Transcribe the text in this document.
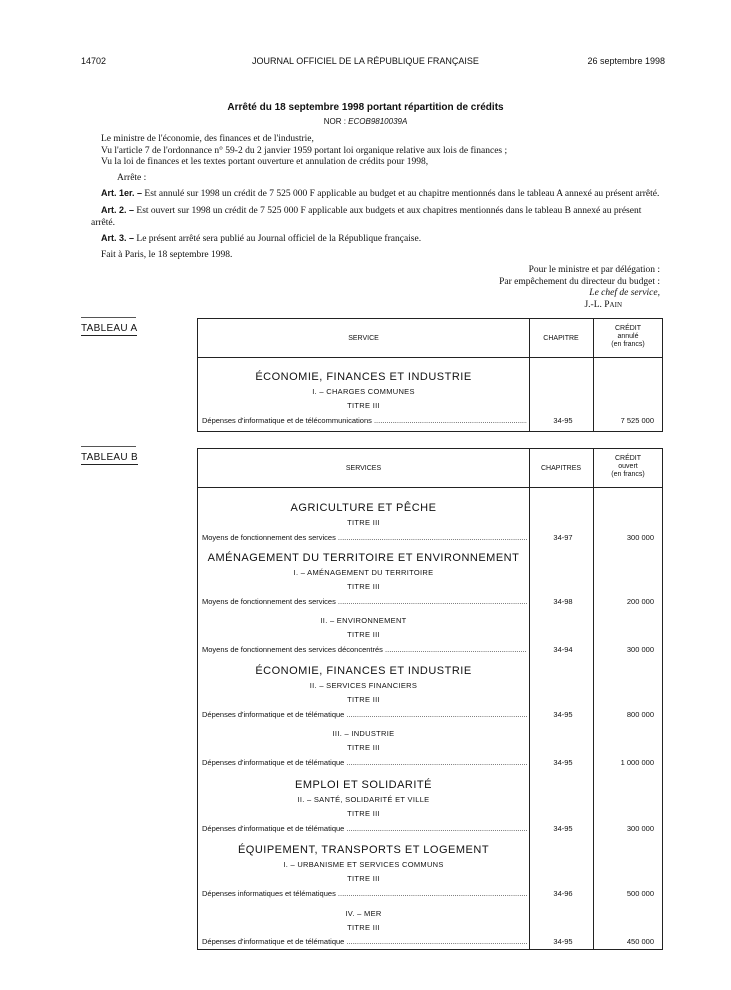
14702	JOURNAL OFFICIEL DE LA RÉPUBLIQUE FRANÇAISE	26 septembre 1998
Arrêté du 18 septembre 1998 portant répartition de crédits
NOR : ECOB9810039A

Le ministre de l'économie, des finances et de l'industrie,

Vu l'article 7 de l'ordonnance n° 59-2 du 2 janvier 1959 portant loi organique relative aux lois de finances ;

Vu la loi de finances et les textes portant ouverture et annulation de crédits pour 1998,

Arrête :

Art. 1er. – Est annulé sur 1998 un crédit de 7 525 000 F applicable au budget et au chapitre mentionnés dans le tableau A annexé au présent arrêté.

Art. 2. – Est ouvert sur 1998 un crédit de 7 525 000 F applicable aux budgets et aux chapitres mentionnés dans le tableau B annexé au présent arrêté.

Art. 3. – Le présent arrêté sera publié au Journal officiel de la République française.

Fait à Paris, le 18 septembre 1998.

Pour le ministre et par délégation :

Par empêchement du directeur du budget :

Le chef de service,

J.-L. Pain

TABLEAU A
SERVICE	CHAPITRE
CRÉDIT
annulé
(en francs)
ÉCONOMIE, FINANCES ET INDUSTRIE
I. – CHARGES COMMUNES
TITRE III
Dépenses d'informatique et de télécommunications .....	34-95	7 525 000
TABLEAU B
SERVICES	CHAPITRES
CRÉDIT
ouvert
(en francs)
AGRICULTURE ET PÊCHE
TITRE III
Moyens de fonctionnement des services .....	34-97	300 000
AMÉNAGEMENT DU TERRITOIRE ET ENVIRONNEMENT
I. – AMÉNAGEMENT DU TERRITOIRE
TITRE III
Moyens de fonctionnement des services .....	34-98	200 000
II. – ENVIRONNEMENT
TITRE III
Moyens de fonctionnement des services déconcentrés .....	34-94	300 000
ÉCONOMIE, FINANCES ET INDUSTRIE
II. – SERVICES FINANCIERS
TITRE III
Dépenses d'informatique et de télématique .....	34-95	800 000
III. – INDUSTRIE
TITRE III
Dépenses d'informatique et de télématique .....	34-95	1 000 000
EMPLOI ET SOLIDARITÉ
II. – SANTÉ, SOLIDARITÉ ET VILLE
TITRE III
Dépenses d'informatique et de télématique .....	34-95	300 000
ÉQUIPEMENT, TRANSPORTS ET LOGEMENT
I. – URBANISME ET SERVICES COMMUNS
TITRE III
Dépenses informatiques et télématiques .....	34-96	500 000
IV. – MER
TITRE III
Dépenses d'informatique et de télématique .....	34-95	450 000
